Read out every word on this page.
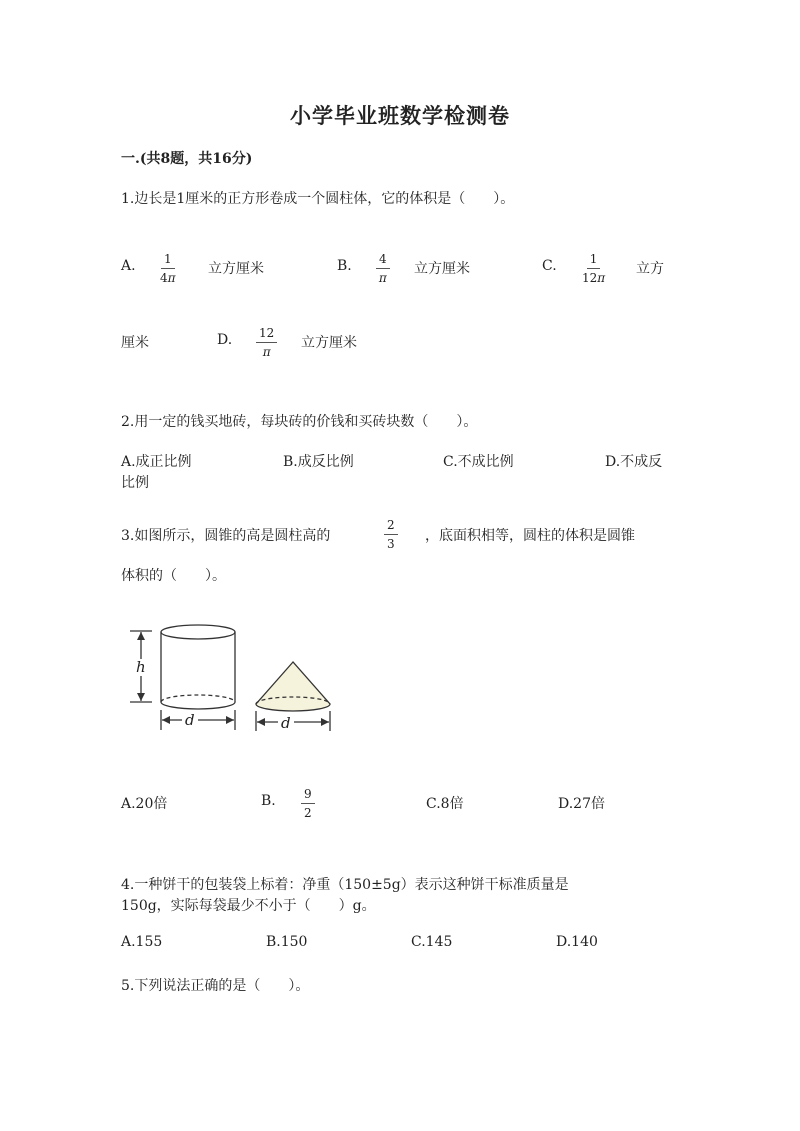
小学毕业班数学检测卷
一.(共8题，共16分)
1.边长是1厘米的正方形卷成一个圆柱体，它的体积是（　　）。
A. $\frac{1}{4\pi}$ 立方厘米	B. $\frac{4}{\pi}$ 立方厘米	C. $\frac{1}{12\pi}$ 立方
厘米	D. $\frac{12}{\pi}$ 立方厘米
2.用一定的钱买地砖，每块砖的价钱和买砖块数（　　）。
A.成正比例	B.成反比例	C.不成比例	D.不成反
比例
3.如图所示，圆锥的高是圆柱高的	$\frac{2}{3}$ ，底面积相等，圆柱的体积是圆锥
体积的（　　）。
h
d	d
A.20倍	B. $\frac{9}{2}$	C.8倍	D.27倍
4.一种饼干的包装袋上标着：净重（150±5g）表示这种饼干标准质量是
150g，实际每袋最少不小于（　　）g。
A.155	B.150	C.145	D.140
5.下列说法正确的是（　　）。
